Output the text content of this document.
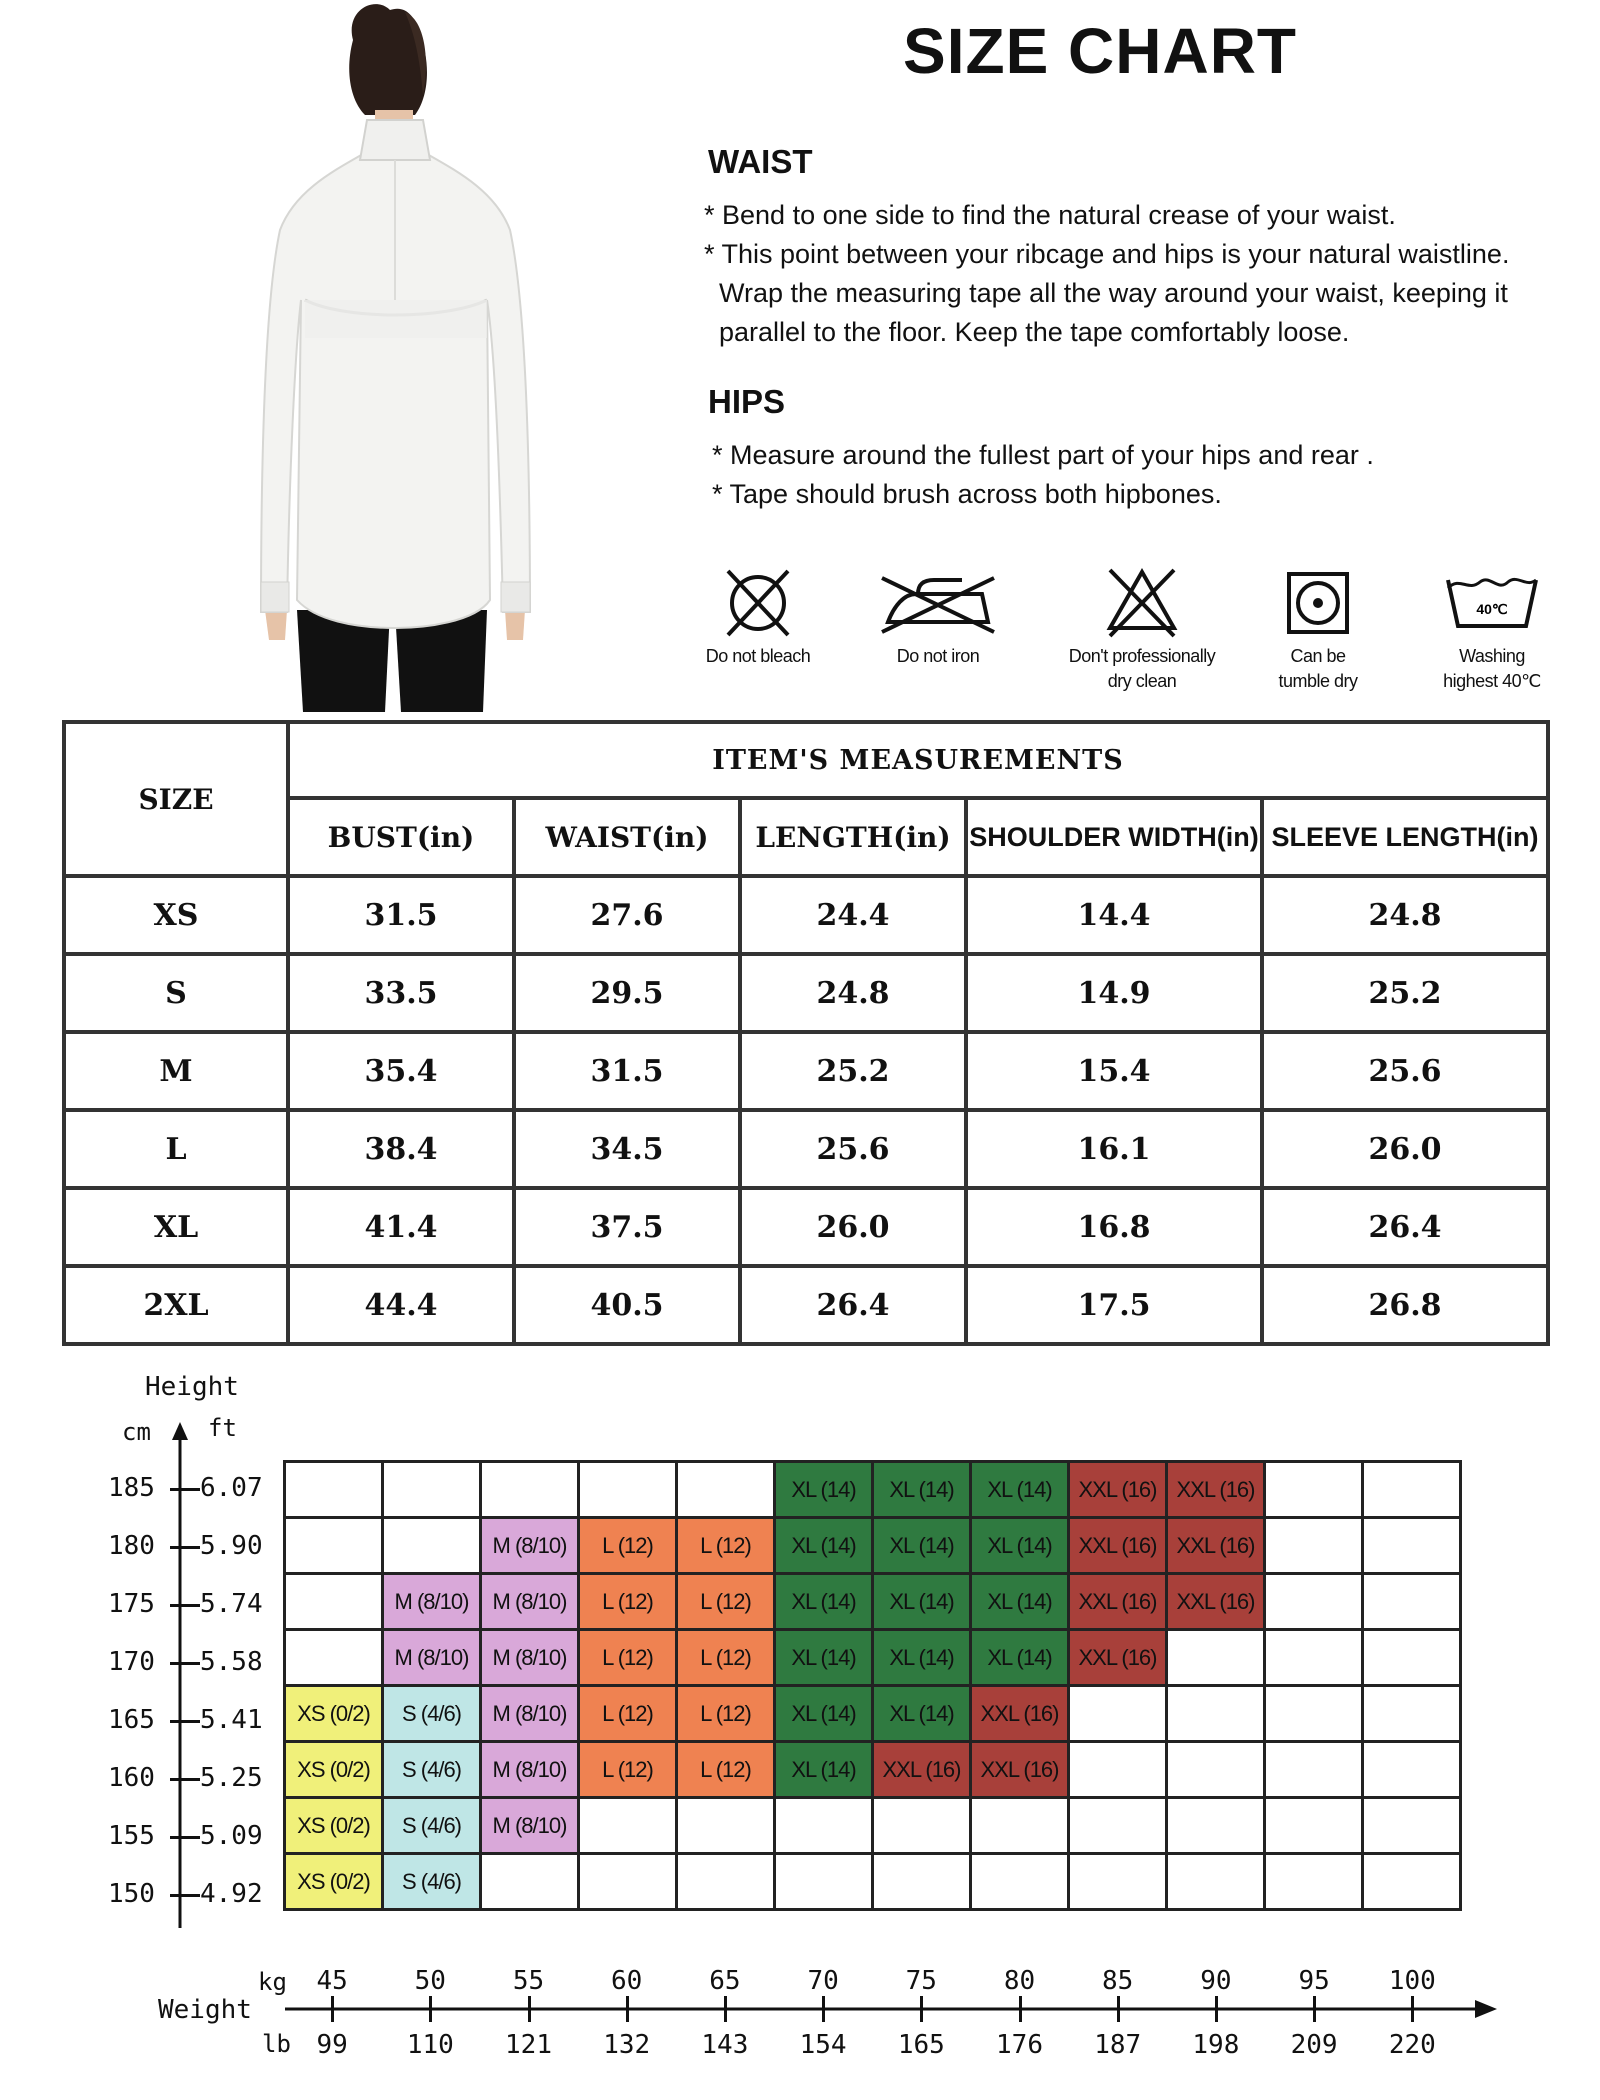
SIZE CHART
WAIST
* Bend to one side to find the natural crease of your waist.
* This point between your ribcage and hips is your natural waistline.
Wrap the measuring tape all the way around your waist, keeping it
parallel to the floor. Keep the tape comfortably loose.
HIPS
* Measure around the fullest part of your hips and rear .
* Tape should brush across both hipbones.
Do not bleach	Do not iron	Don't professionally
dry clean
Can be
tumble dry
40℃
Washing
highest 40℃
SIZE	ITEM'S MEASUREMENTS				
	BUST(in)	WAIST(in)	LENGTH(in)	SHOULDER WIDTH(in)	SLEEVE LENGTH(in)
XS	31.5	27.6	24.4	14.4	24.8
S	33.5	29.5	24.8	14.9	25.2
M	35.4	31.5	25.2	15.4	25.6
L	38.4	34.5	25.6	16.1	26.0
XL	41.4	37.5	26.0	16.8	26.4
2XL	44.4	40.5	26.4	17.5	26.8
Height
cm ft
185 6.07
180 5.90
175 5.74
170 5.58
165 5.41
160 5.25
155 5.09
150 4.92
					XL (14)	XL (14)	XL (14)	XXL (16)	XXL (16)		
		M (8/10)	L (12)	L (12)	XL (14)	XL (14)	XL (14)	XXL (16)	XXL (16)		
	M (8/10)	M (8/10)	L (12)	L (12)	XL (14)	XL (14)	XL (14)	XXL (16)	XXL (16)		
	M (8/10)	M (8/10)	L (12)	L (12)	XL (14)	XL (14)	XL (14)	XXL (16)			
XS (0/2)	S (4/6)	M (8/10)	L (12)	L (12)	XL (14)	XL (14)	XXL (16)				
XS (0/2)	S (4/6)	M (8/10)	L (12)	L (12)	XL (14)	XXL (16)	XXL (16)				
XS (0/2)	S (4/6)	M (8/10)									
XS (0/2)	S (4/6)										
Weight
kg
lb
45
99
50
110
55
121
60
132
65
143
70
154
75
165
80
176
85
187
90
198
95
209
100
220
